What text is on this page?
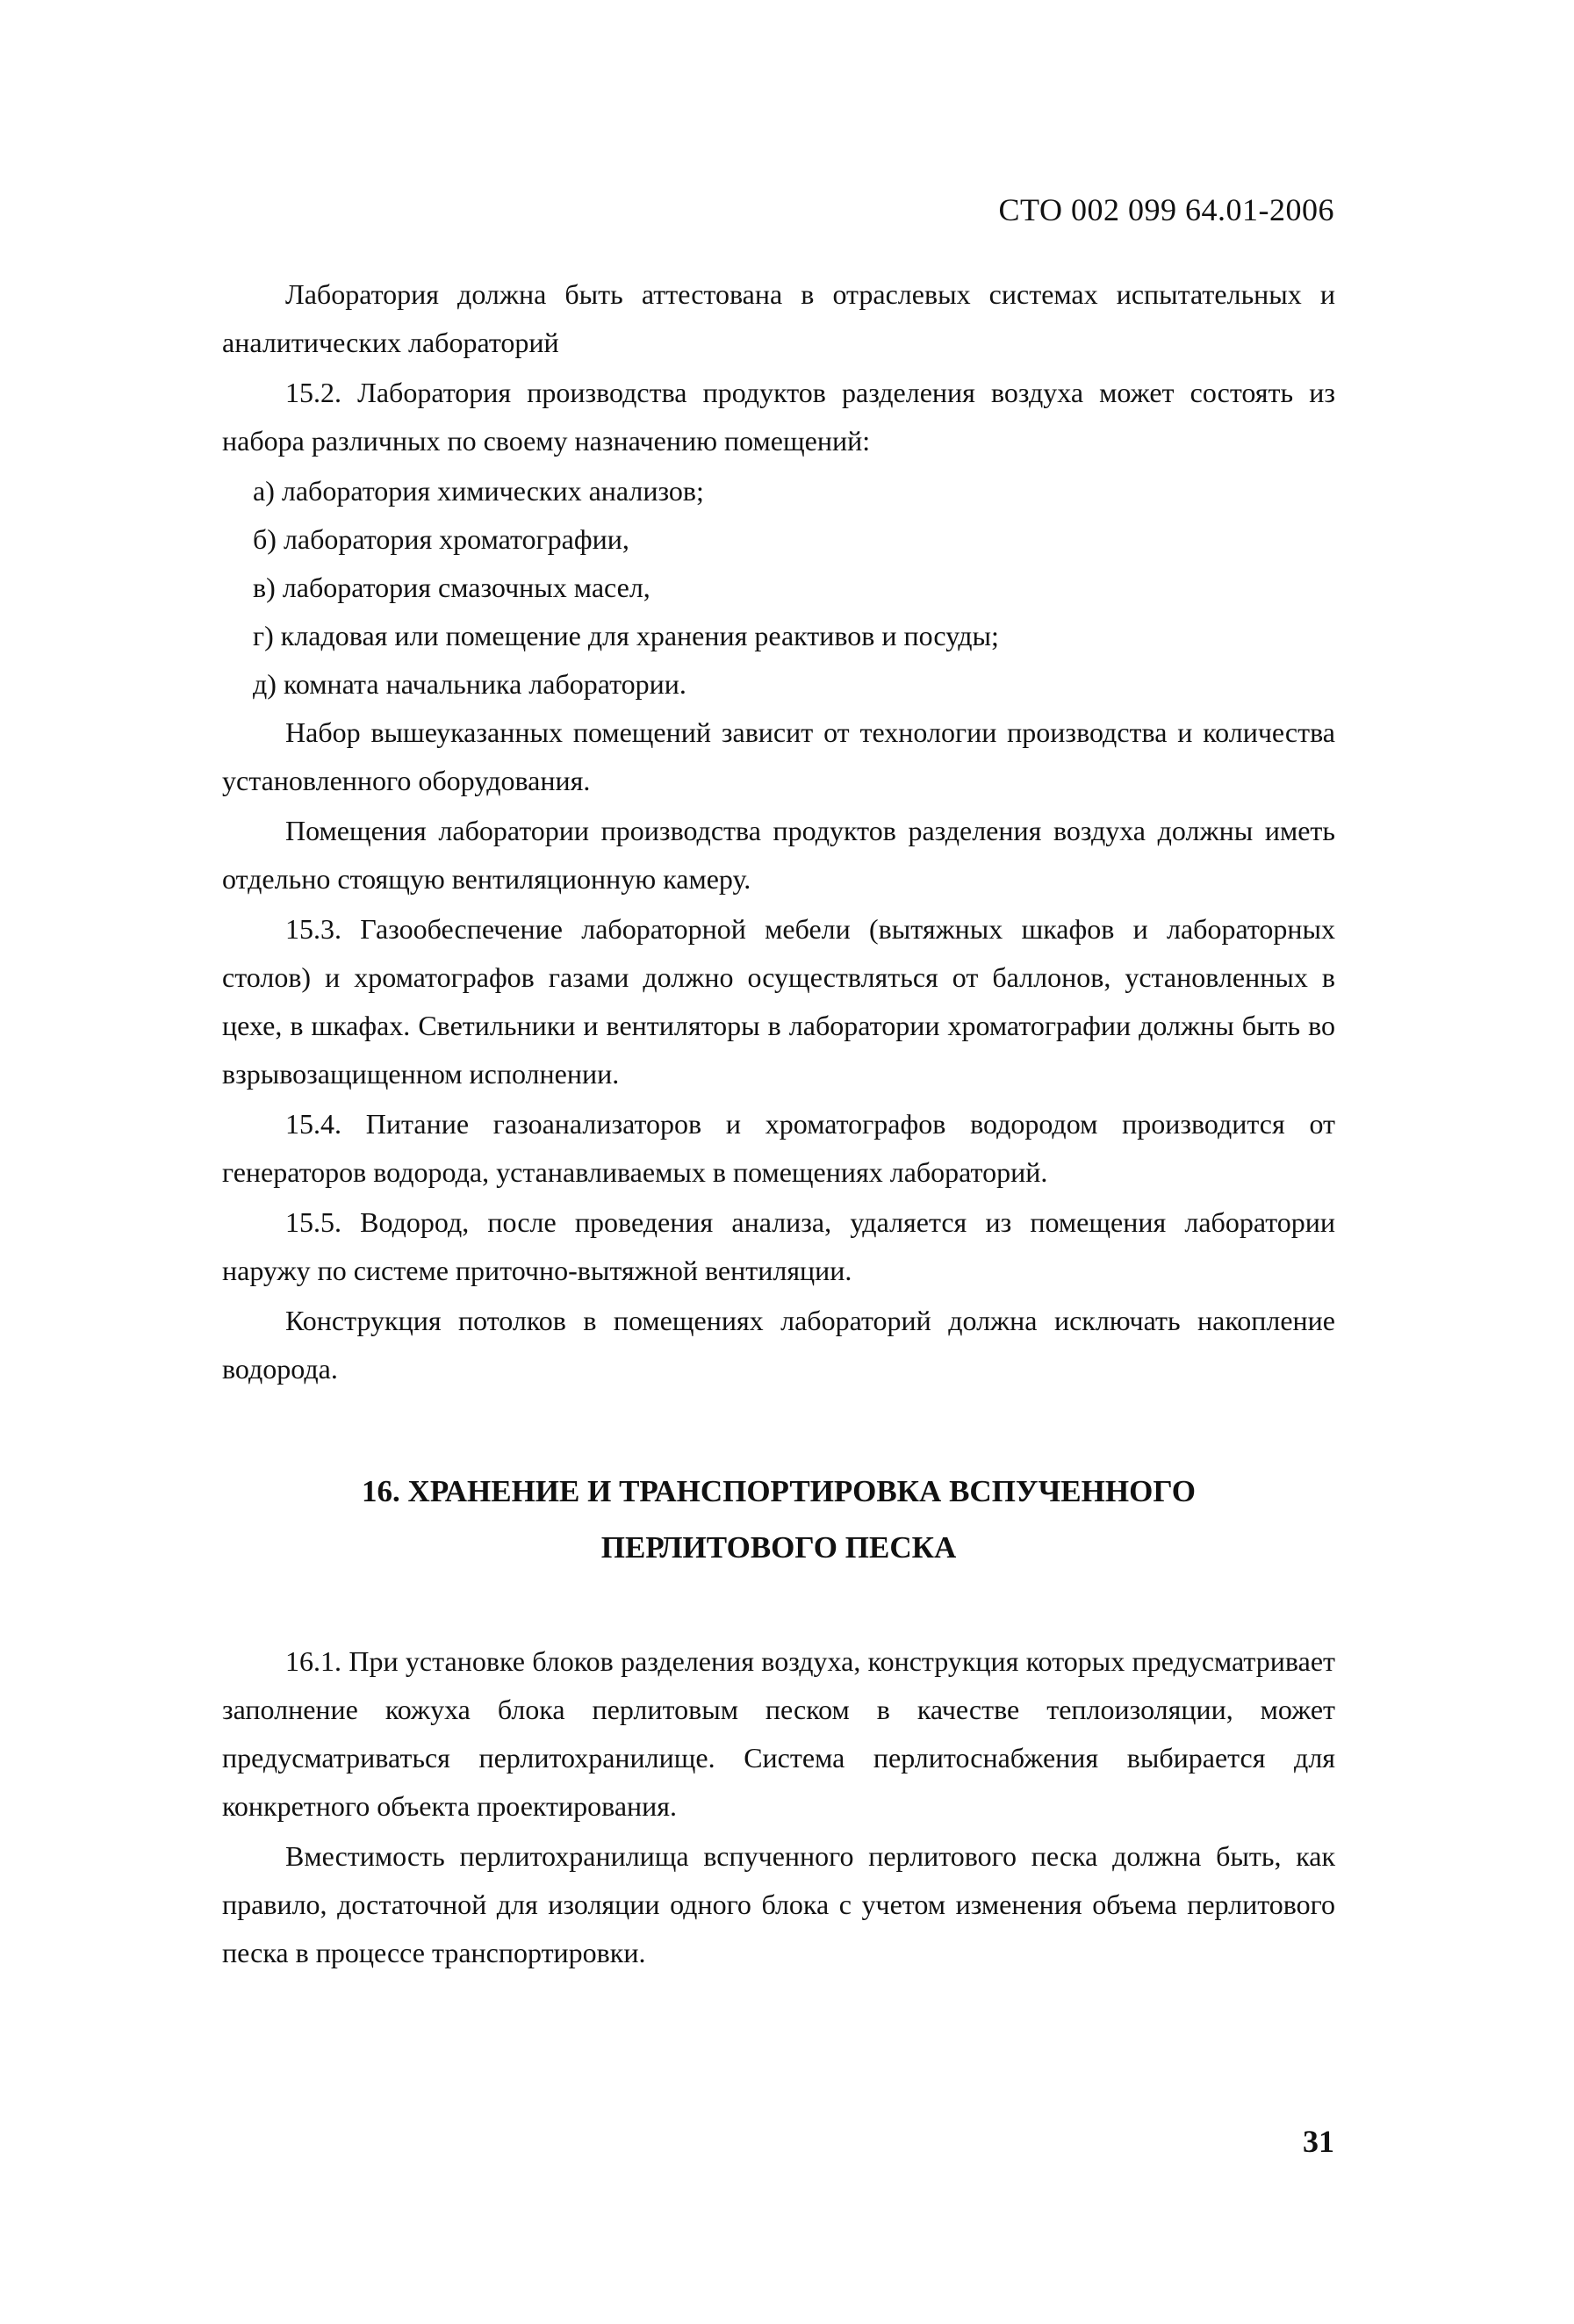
СТО 002 099 64.01-2006

Лаборатория должна быть аттестована в отраслевых системах испытательных и аналитических лабораторий

15.2. Лаборатория производства продуктов разделения воздуха может состоять из набора различных по своему назначению помещений:

а) лаборатория химических анализов;

б) лаборатория хроматографии,

в) лаборатория смазочных масел,

г) кладовая или помещение для хранения реактивов и посуды;

д) комната начальника лаборатории.

Набор вышеуказанных помещений зависит от технологии производства и количества установленного оборудования.

Помещения лаборатории производства продуктов разделения воздуха должны иметь отдельно стоящую вентиляционную камеру.

15.3. Газообеспечение лабораторной мебели (вытяжных шкафов и лабораторных столов) и хроматографов газами должно осуществляться от баллонов, установленных в цехе, в шкафах. Светильники и вентиляторы в лаборатории хроматографии должны быть во взрывозащищенном исполнении.

15.4. Питание газоанализаторов и хроматографов водородом производится от генераторов водорода, устанавливаемых в помещениях лабораторий.

15.5. Водород, после проведения анализа, удаляется из помещения лаборатории наружу по системе приточно-вытяжной вентиляции.

Конструкция потолков в помещениях лабораторий должна исключать накопление водорода.

16. ХРАНЕНИЕ И ТРАНСПОРТИРОВКА ВСПУЧЕННОГО
ПЕРЛИТОВОГО ПЕСКА

16.1. При установке блоков разделения воздуха, конструкция которых предусматривает заполнение кожуха блока перлитовым песком в качестве теплоизоляции, может предусматриваться перлитохранилище. Система перлитоснабжения выбирается для конкретного объекта проектирования.

Вместимость перлитохранилища вспученного перлитового песка должна быть, как правило, достаточной для изоляции одного блока с учетом изменения объема перлитового песка в процессе транспортировки.

31
